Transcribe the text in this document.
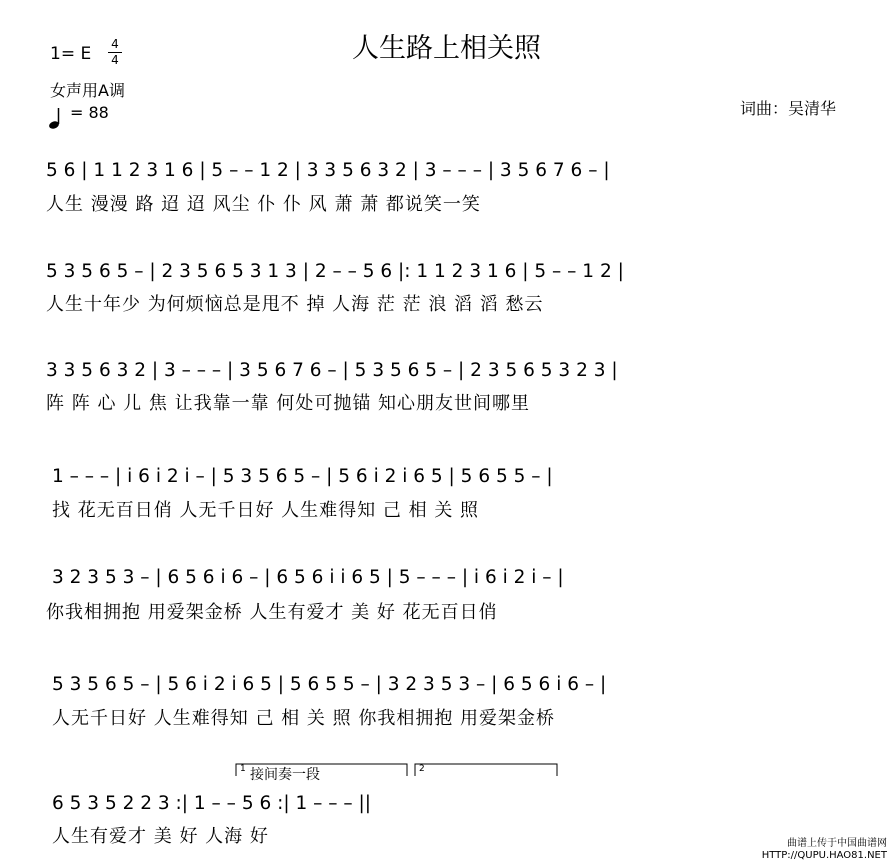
人生路上相关照
1= E 4
4
女声用A调
= 88	词曲：吴清华
5 6 | 1 1 2 3 1 6 | 5 – – 1 2 | 3 3 5 6 3 2 | 3 – – – | 3 5 6 7 6 – |
人生 漫漫 路 迢 迢 风尘 仆 仆 风 萧 萧 都说笑一笑
5 3 5 6 5 – | 2 3 5 6 5 3 1 3 | 2 – – 5 6 |: 1 1 2 3 1 6 | 5 – – 1 2 |
人生十年少 为何烦恼总是甩不 掉 人海 茫 茫 浪 滔 滔 愁云
3 3 5 6 3 2 | 3 – – – | 3 5 6 7 6 – | 5 3 5 6 5 – | 2 3 5 6 5 3 2 3 |
阵 阵 心 儿 焦 让我靠一靠 何处可抛锚 知心朋友世间哪里
1 – – – | i 6 i 2 i – | 5 3 5 6 5 – | 5 6 i 2 i 6 5 | 5 6 5 5 – |
找 花无百日俏 人无千日好 人生难得知 己 相 关 照
3 2 3 5 3 – | 6 5 6 i 6 – | 6 5 6 i i 6 5 | 5 – – – | i 6 i 2 i – |
你我相拥抱 用爱架金桥 人生有爱才 美 好 花无百日俏
5 3 5 6 5 – | 5 6 i 2 i 6 5 | 5 6 5 5 – | 3 2 3 5 3 – | 6 5 6 i 6 – |
人无千日好 人生难得知 己 相 关 照 你我相拥抱 用爱架金桥
6 5 3 5 2 2 3 :| 1 – – 5 6 :| 1 – – – ||
人生有爱才 美 好 人海 好
1 接间奏一段	2
曲谱上传于中国曲谱网
HTTP://QUPU.HAO81.NET
